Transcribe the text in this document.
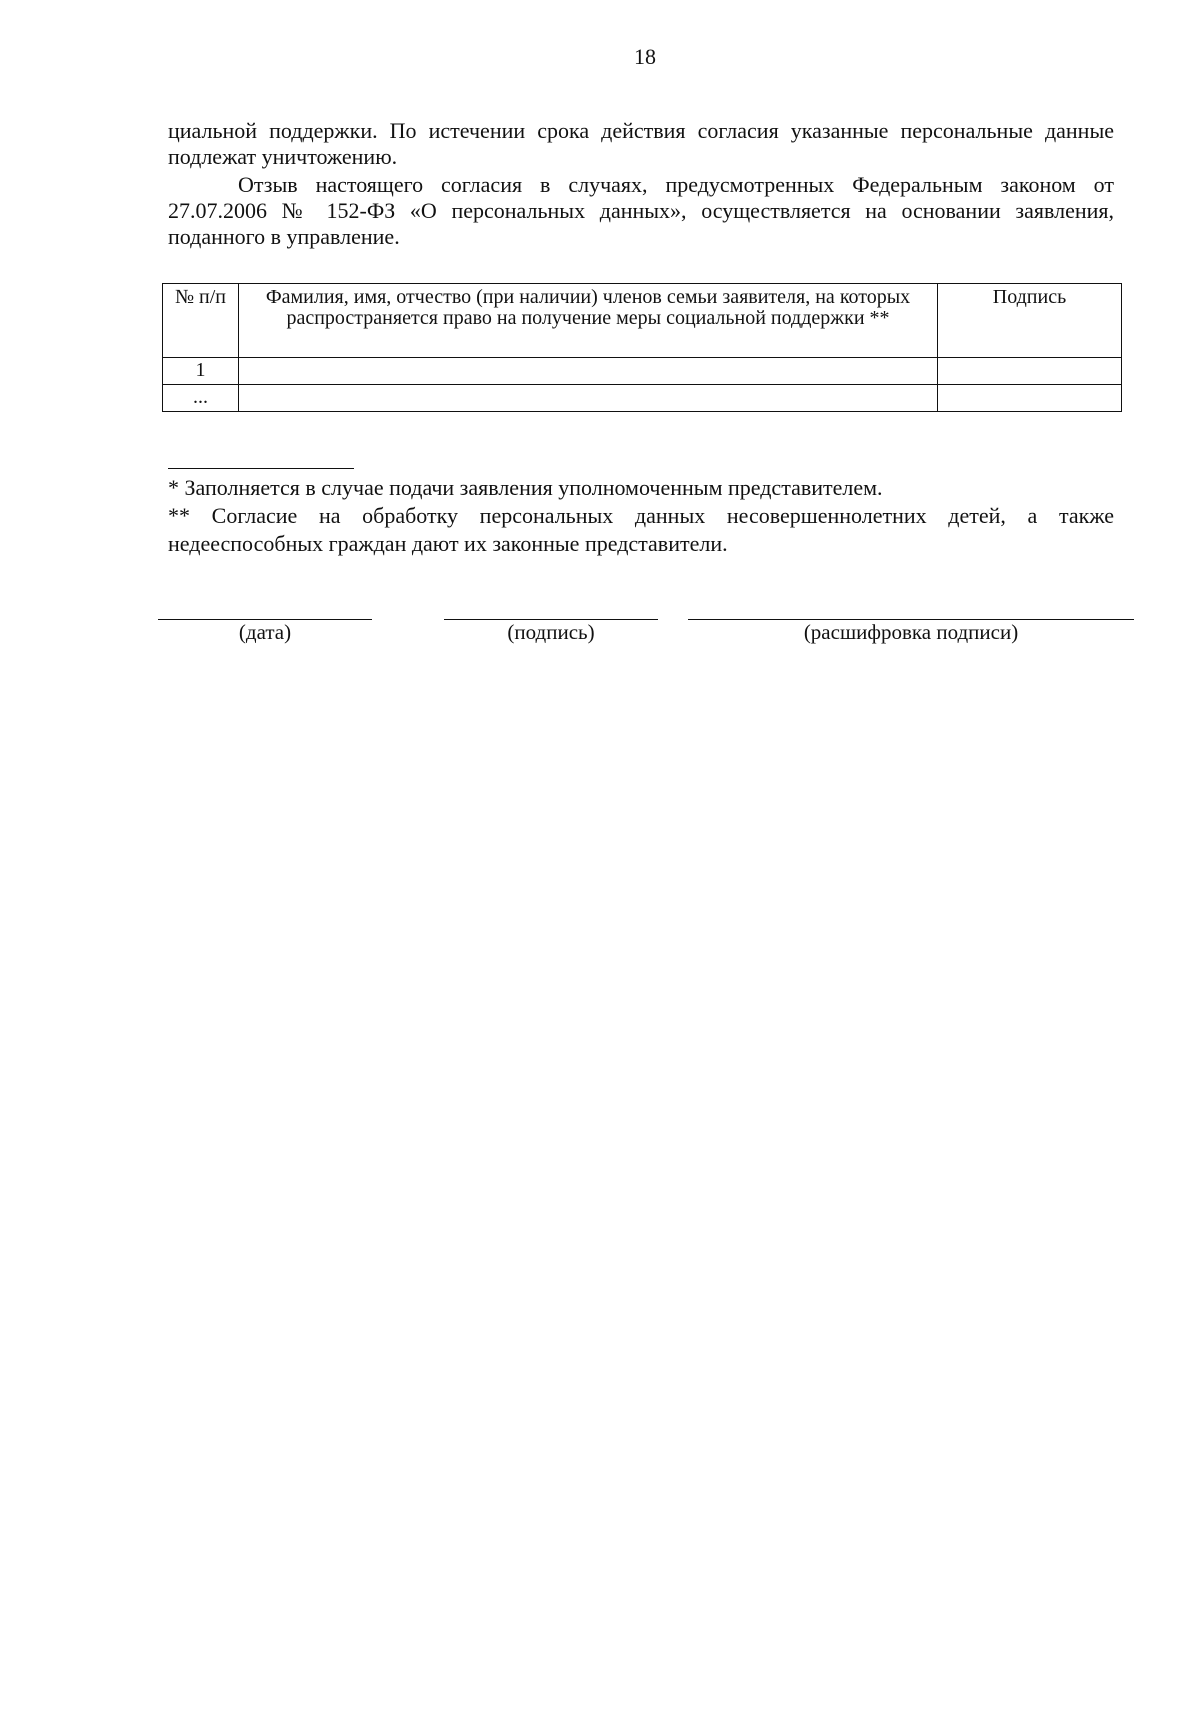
18

циальной поддержки. По истечении срока действия согласия указанные персональные данные подлежат уничтожению.

Отзыв настоящего согласия в случаях, предусмотренных Федеральным законом от 27.07.2006 № 152-ФЗ «О персональных данных», осуществляется на основании заявления, поданного в управление.

№ п/п	Фамилия, имя, отчество (при наличии) членов семьи заявителя, на которых распространяется право на получение меры социальной поддержки **	Подпись
1		
...		

* Заполняется в случае подачи заявления уполномоченным представителем.

** Согласие на обработку персональных данных несовершеннолетних детей, а также недееспособных граждан дают их законные представители.

(дата)	(подпись)	(расшифровка подписи)
